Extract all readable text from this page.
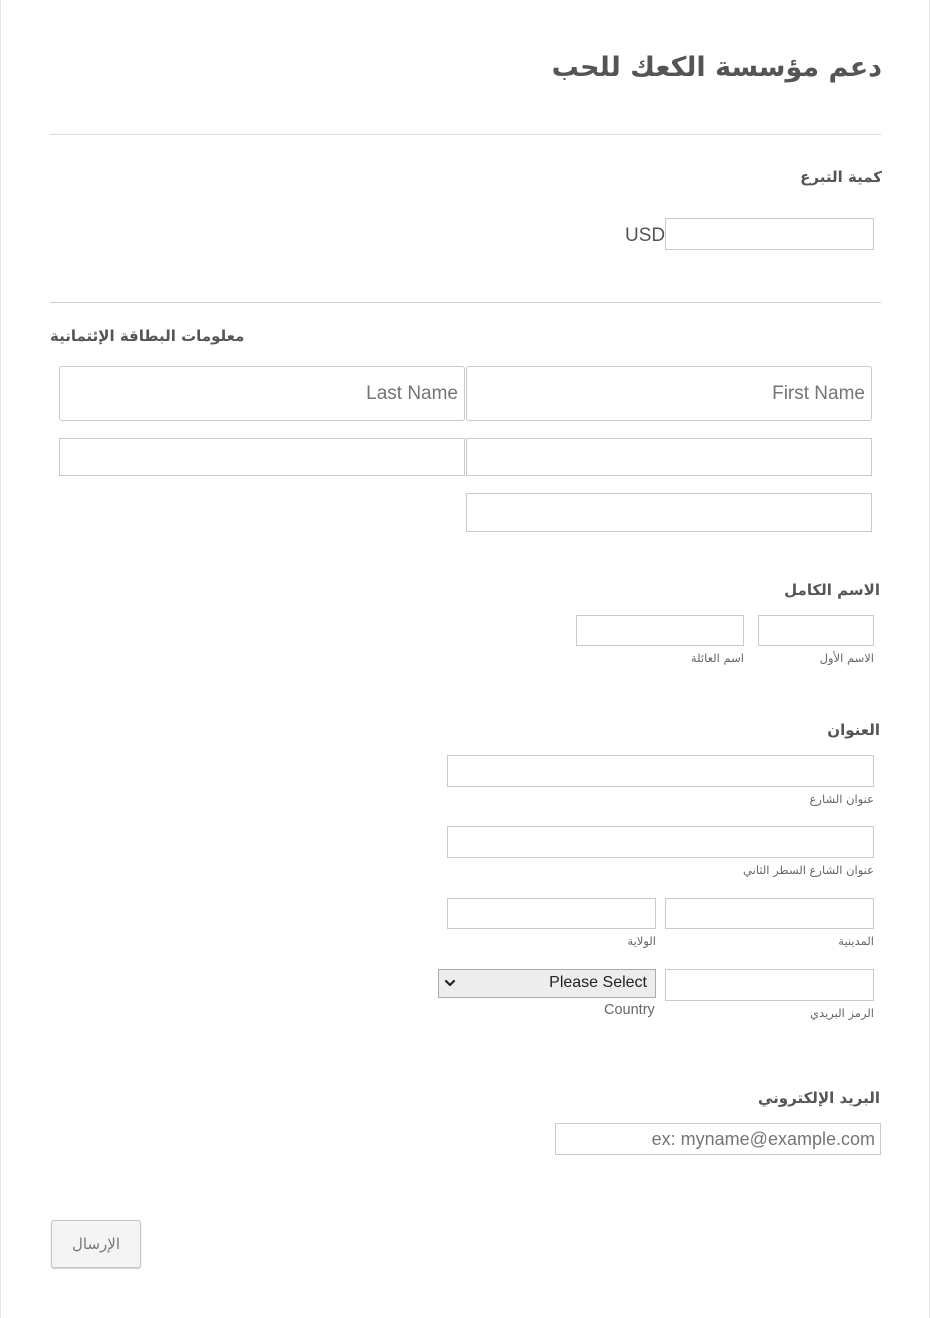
دعم مؤسسة الكعك للحب
كمية التبرع
USD
معلومات البطاقة الإئتمانية
First Name
Last Name
الاسم الكامل
الاسم الأول
اسم العائلة
العنوان
عنوان الشارع
عنوان الشارع السطر الثاني
المدينية
الولاية
Please Select
الرمز البريدي
Country
البريد الإلكتروني
ex: myname@example.com
الإرسال
